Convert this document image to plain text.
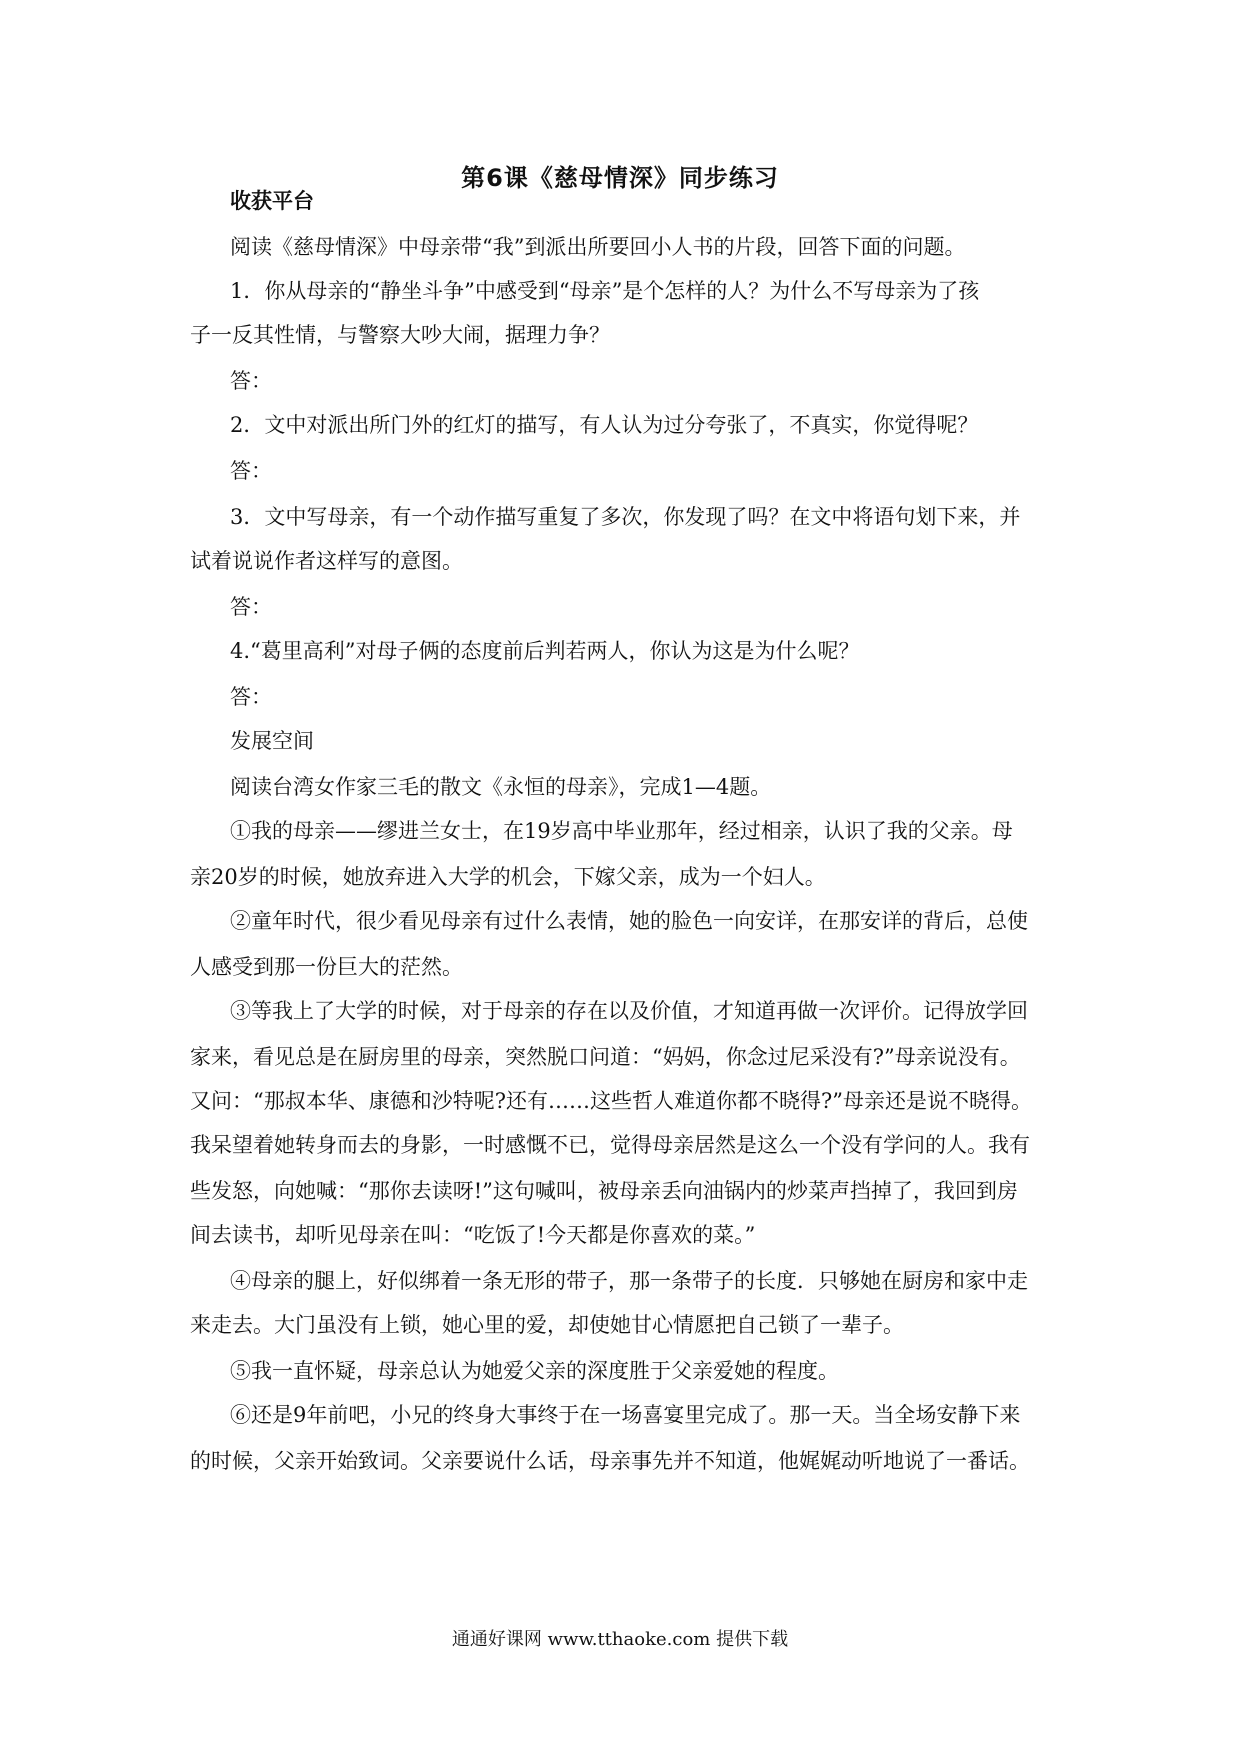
第6课《慈母情深》同步练习

收获平台

阅读《慈母情深》中母亲带“我”到派出所要回小人书的片段，回答下面的问题。

1．你从母亲的“静坐斗争”中感受到“母亲”是个怎样的人？为什么不写母亲为了孩

子一反其性情，与警察大吵大闹，据理力争？

答：

2．文中对派出所门外的红灯的描写，有人认为过分夸张了，不真实，你觉得呢？

答：

3．文中写母亲，有一个动作描写重复了多次，你发现了吗？在文中将语句划下来，并

试着说说作者这样写的意图。

答：

4.“葛里高利”对母子俩的态度前后判若两人，你认为这是为什么呢？

答：

发展空间

阅读台湾女作家三毛的散文《永恒的母亲》，完成1—4题。

①我的母亲——缪进兰女士，在19岁高中毕业那年，经过相亲，认识了我的父亲。母

亲20岁的时候，她放弃进入大学的机会，下嫁父亲，成为一个妇人。

②童年时代，很少看见母亲有过什么表情，她的脸色一向安详，在那安详的背后，总使

人感受到那一份巨大的茫然。

③等我上了大学的时候，对于母亲的存在以及价值，才知道再做一次评价。记得放学回

家来，看见总是在厨房里的母亲，突然脱口问道：“妈妈，你念过尼采没有?”母亲说没有。

又问：“那叔本华、康德和沙特呢?还有……这些哲人难道你都不晓得?”母亲还是说不晓得。

我呆望着她转身而去的身影，一时感慨不已，觉得母亲居然是这么一个没有学问的人。我有

些发怒，向她喊：“那你去读呀!”这句喊叫，被母亲丢向油锅内的炒菜声挡掉了，我回到房

间去读书，却听见母亲在叫：“吃饭了!今天都是你喜欢的菜。”

④母亲的腿上，好似绑着一条无形的带子，那一条带子的长度．只够她在厨房和家中走

来走去。大门虽没有上锁，她心里的爱，却使她甘心情愿把自己锁了一辈子。

⑤我一直怀疑，母亲总认为她爱父亲的深度胜于父亲爱她的程度。

⑥还是9年前吧，小兄的终身大事终于在一场喜宴里完成了。那一天。当全场安静下来

的时候，父亲开始致词。父亲要说什么话，母亲事先并不知道，他娓娓动听地说了一番话。

通通好课网 www.tthaoke.com 提供下载
